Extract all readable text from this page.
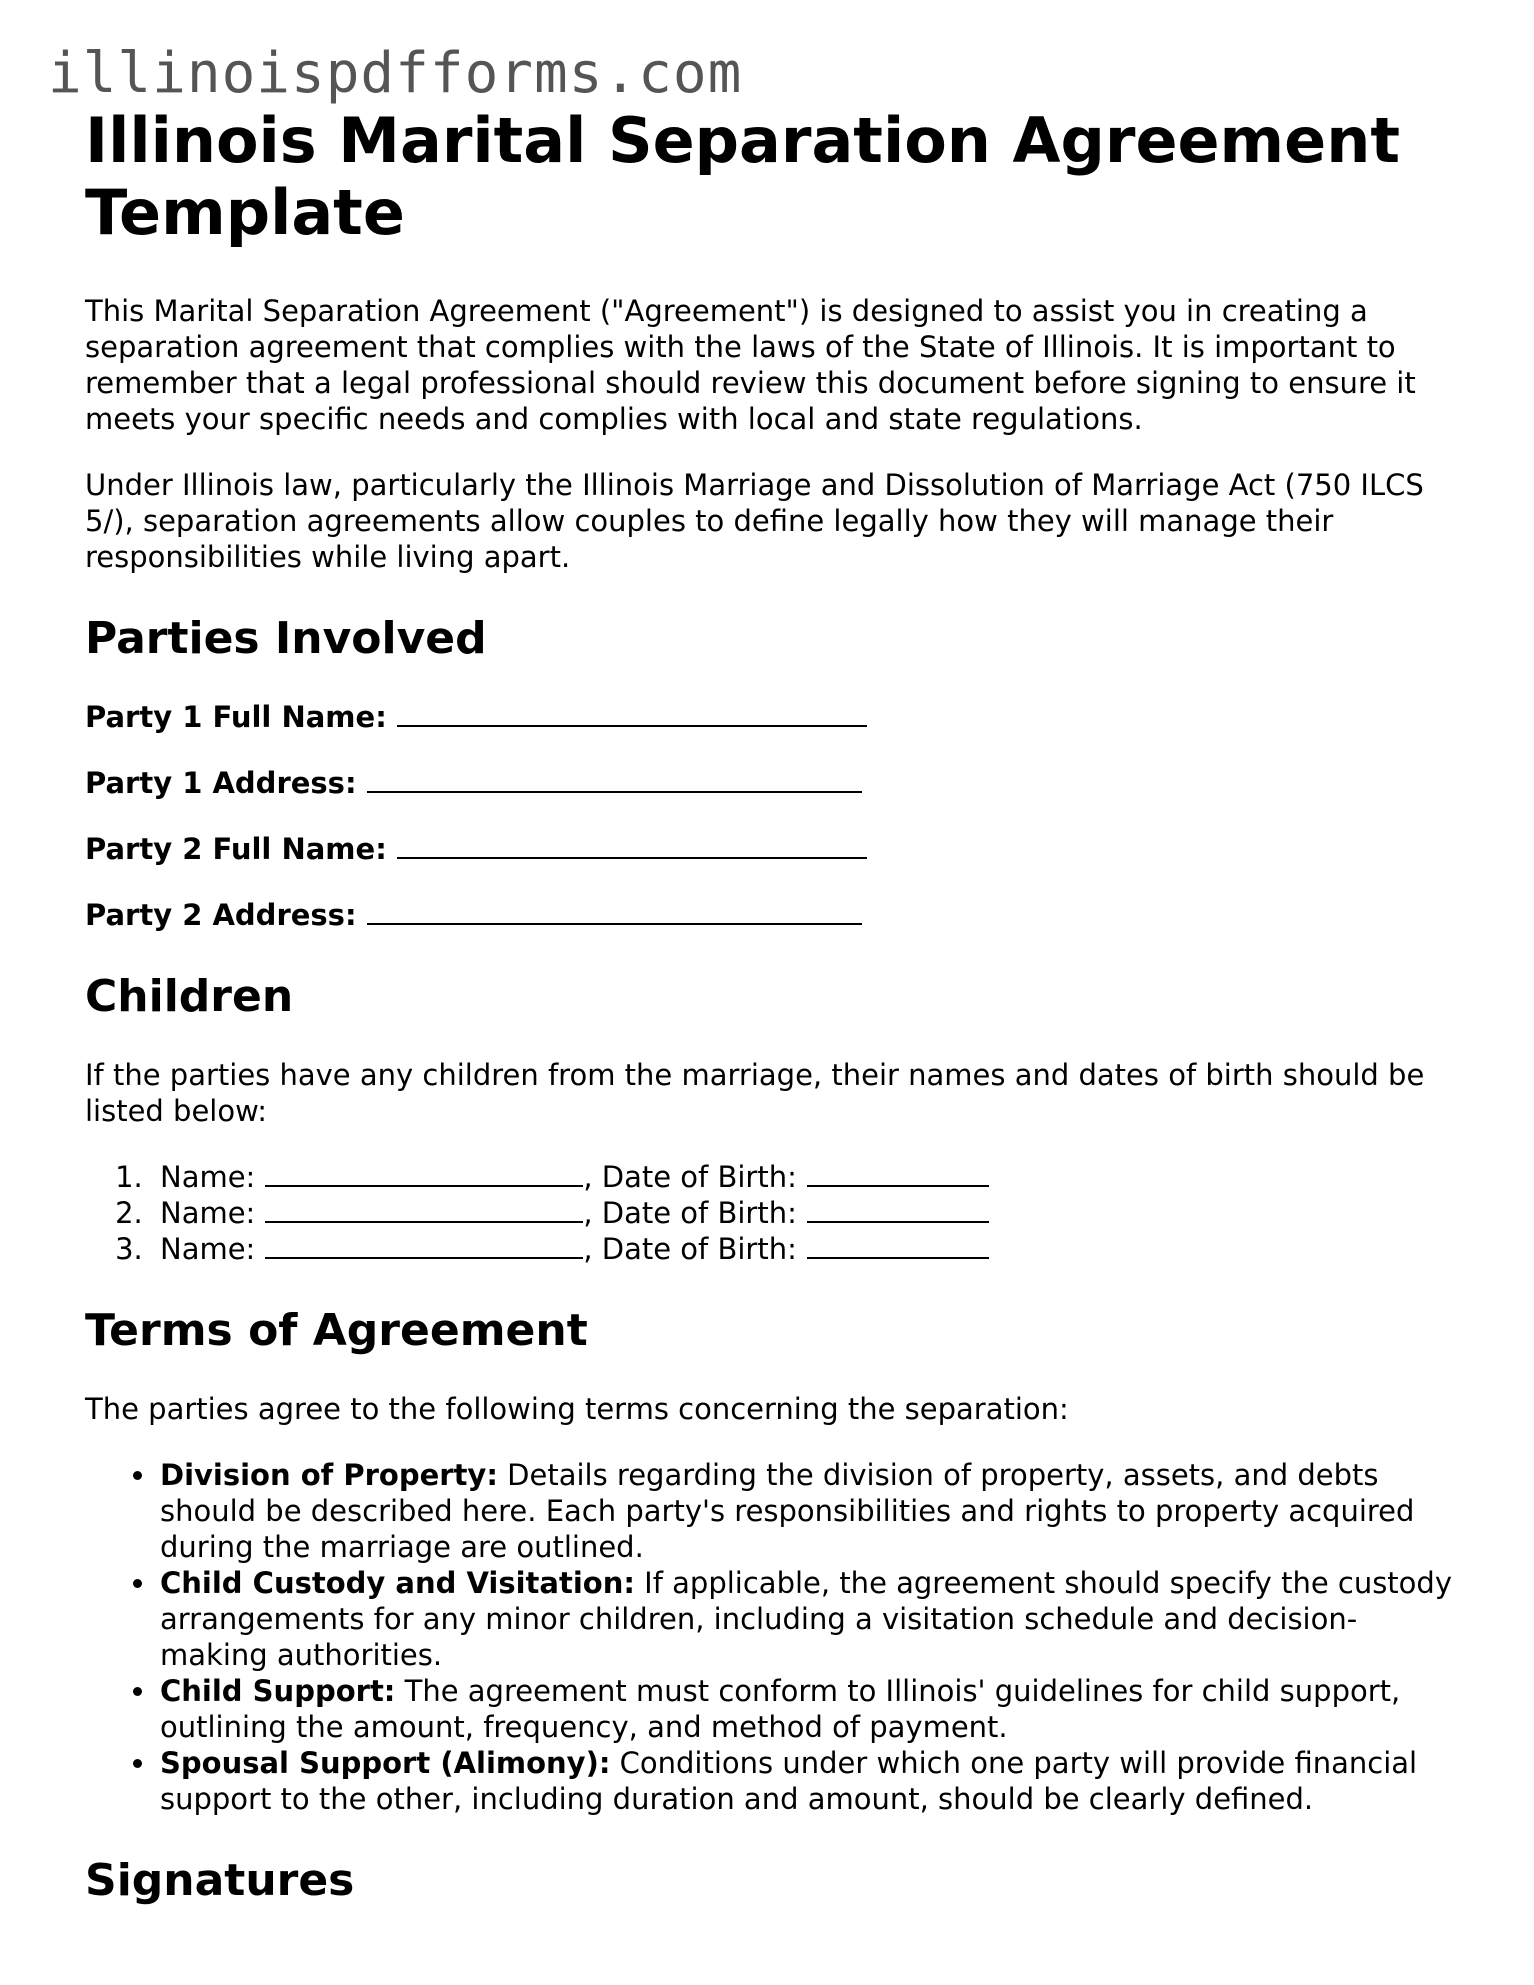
illinoispdfforms.com
Illinois Marital Separation Agreement Template

This Marital Separation Agreement ("Agreement") is designed to assist you in creating a separation agreement that complies with the laws of the State of Illinois. It is important to remember that a legal professional should review this document before signing to ensure it meets your specific needs and complies with local and state regulations.

Under Illinois law, particularly the Illinois Marriage and Dissolution of Marriage Act (750 ILCS 5/), separation agreements allow couples to define legally how they will manage their responsibilities while living apart.

Parties Involved
Party 1 Full Name:
Party 1 Address:
Party 2 Full Name:
Party 2 Address:
Children

If the parties have any children from the marriage, their names and dates of birth should be listed below:

1. Name:	, Date of Birth:
2. Name:	, Date of Birth:
3. Name:	, Date of Birth:
Terms of Agreement

The parties agree to the following terms concerning the separation:

• Division of Property: Details regarding the division of property, assets, and debts should be described here. Each party's responsibilities and rights to property acquired during the marriage are outlined.
• Child Custody and Visitation: If applicable, the agreement should specify the custody arrangements for any minor children, including a visitation schedule and decision-making authorities.
• Child Support: The agreement must conform to Illinois' guidelines for child support, outlining the amount, frequency, and method of payment.
• Spousal Support (Alimony): Conditions under which one party will provide financial support to the other, including duration and amount, should be clearly defined.
Signatures
